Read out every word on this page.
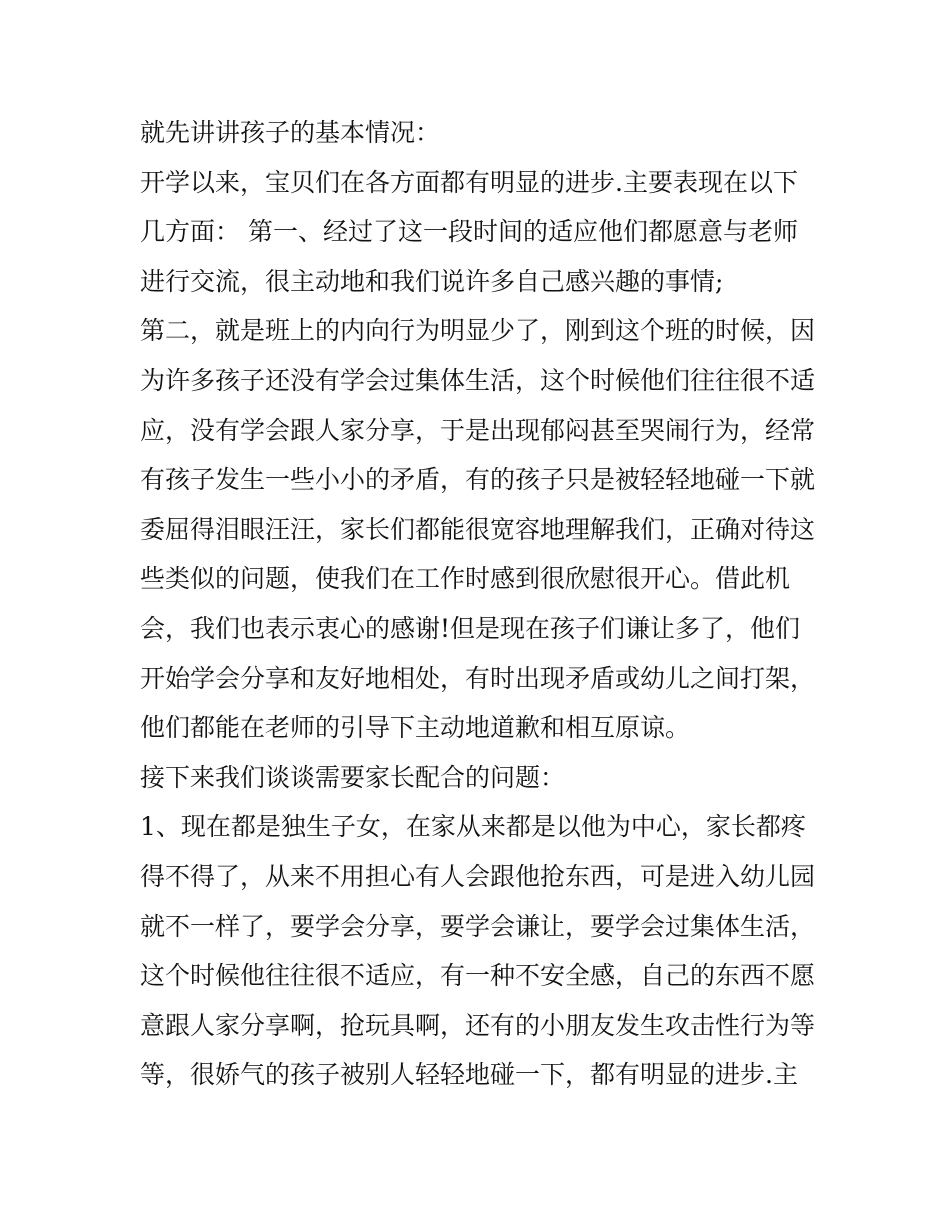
就先讲讲孩子的基本情况：
开学以来，宝贝们在各方面都有明显的进步.主要表现在以下
几方面： 第一、经过了这一段时间的适应他们都愿意与老师
进行交流，很主动地和我们说许多自己感兴趣的事情;
第二，就是班上的内向行为明显少了，刚到这个班的时候，因
为许多孩子还没有学会过集体生活，这个时候他们往往很不适
应，没有学会跟人家分享，于是出现郁闷甚至哭闹行为，经常
有孩子发生一些小小的矛盾，有的孩子只是被轻轻地碰一下就
委屈得泪眼汪汪，家长们都能很宽容地理解我们，正确对待这
些类似的问题，使我们在工作时感到很欣慰很开心。借此机
会，我们也表示衷心的感谢!但是现在孩子们谦让多了，他们
开始学会分享和友好地相处，有时出现矛盾或幼儿之间打架，
他们都能在老师的引导下主动地道歉和相互原谅。
接下来我们谈谈需要家长配合的问题：
1、现在都是独生子女，在家从来都是以他为中心，家长都疼
得不得了，从来不用担心有人会跟他抢东西，可是进入幼儿园
就不一样了，要学会分享，要学会谦让，要学会过集体生活，
这个时候他往往很不适应，有一种不安全感，自己的东西不愿
意跟人家分享啊，抢玩具啊，还有的小朋友发生攻击性行为等
等，很娇气的孩子被别人轻轻地碰一下，都有明显的进步.主
